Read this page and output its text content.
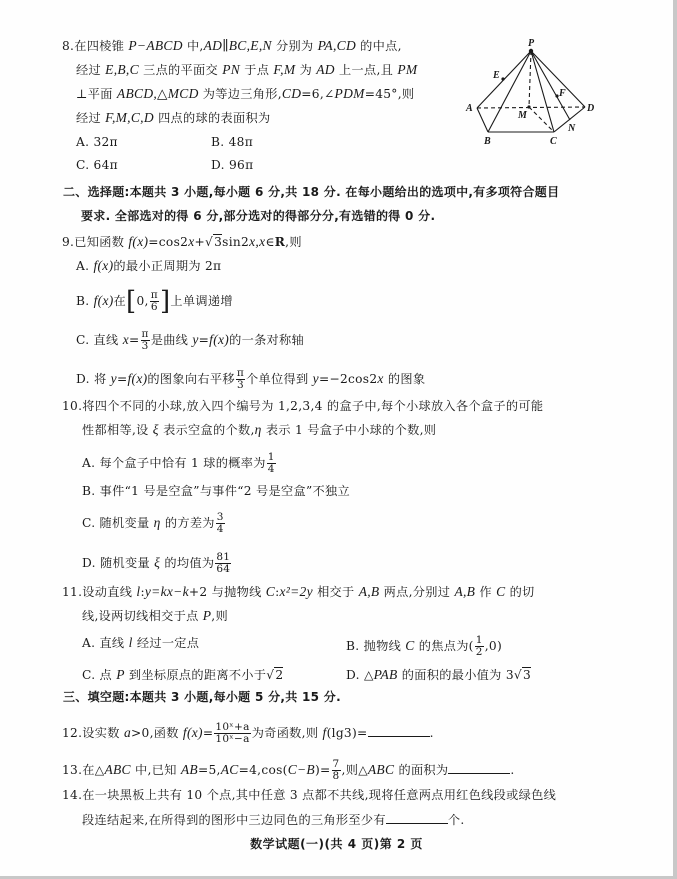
8.在四棱锥 P−ABCD 中,AD∥BC,E,N 分别为 PA,CD 的中点,
经过 E,B,C 三点的平面交 PN 于点 F,M 为 AD 上一点,且 PM
⊥平面 ABCD,△MCD 为等边三角形,CD=6,∠PDM=45°,则
经过 F,M,C,D 四点的球的表面积为
A. 32π	B. 48π
C. 64π	D. 96π
P
E
A
M
F
D
B	C
N
二、选择题:本题共 3 小题,每小题 6 分,共 18 分. 在每小题给出的选项中,有多项符合题目
要求. 全部选对的得 6 分,部分选对的得部分分,有选错的得 0 分.
9.已知函数 f(x)=cos2x+√3sin2x,x∈R,则
A. f(x)的最小正周期为 2π
B. f(x)在[0, $\frac{\pi}{6}$ ]上单调递增
C. 直线 $x= \frac{\pi}{3}$ 是曲线 y=f(x)的一条对称轴
D. 将 y=f(x)的图象向右平移 $\frac{\pi}{3}$ 个单位得到 y=−2cos2x 的图象
10.将四个不同的小球,放入四个编号为 1,2,3,4 的盒子中,每个小球放入各个盒子的可能
性都相等,设 ξ 表示空盒的个数,η 表示 1 号盒子中小球的个数,则
A. 每个盒子中恰有 1 球的概率为 $\frac{1}{4}$
B. 事件“1 号是空盒”与事件“2 号是空盒”不独立
C. 随机变量 η 的方差为 $\frac{3}{4}$
D. 随机变量 ξ 的均值为 $\frac{81}{64}$
11.设动直线 l:y=kx−k+2 与抛物线 C:x²=2y 相交于 A,B 两点,分别过 A,B 作 C 的切
线,设两切线相交于点 P,则
A. 直线 l 经过一定点	B. 抛物线 C 的焦点为( $\frac{1}{2} ,0$)
C. 点 P 到坐标原点的距离不小于√2	D. △PAB 的面积的最小值为 3√3
三、填空题:本题共 3 小题,每小题 5 分,共 15 分.
12.设实数 a>0,函数 $f(x)= \frac{\text{10ˣ+a}}{\text{10ˣ−a}}$ 为奇函数,则 f(lg3)=	.
13.在△ABC 中,已知 $AB=5,AC=4,\cos(C-B)= \frac{7}{8}$ ,则△ABC 的面积为	.
14.在一块黑板上共有 10 个点,其中任意 3 点都不共线,现将任意两点用红色线段或绿色线
段连结起来,在所得到的图形中三边同色的三角形至少有	个.
数学试题(一)(共 4 页)第 2 页
